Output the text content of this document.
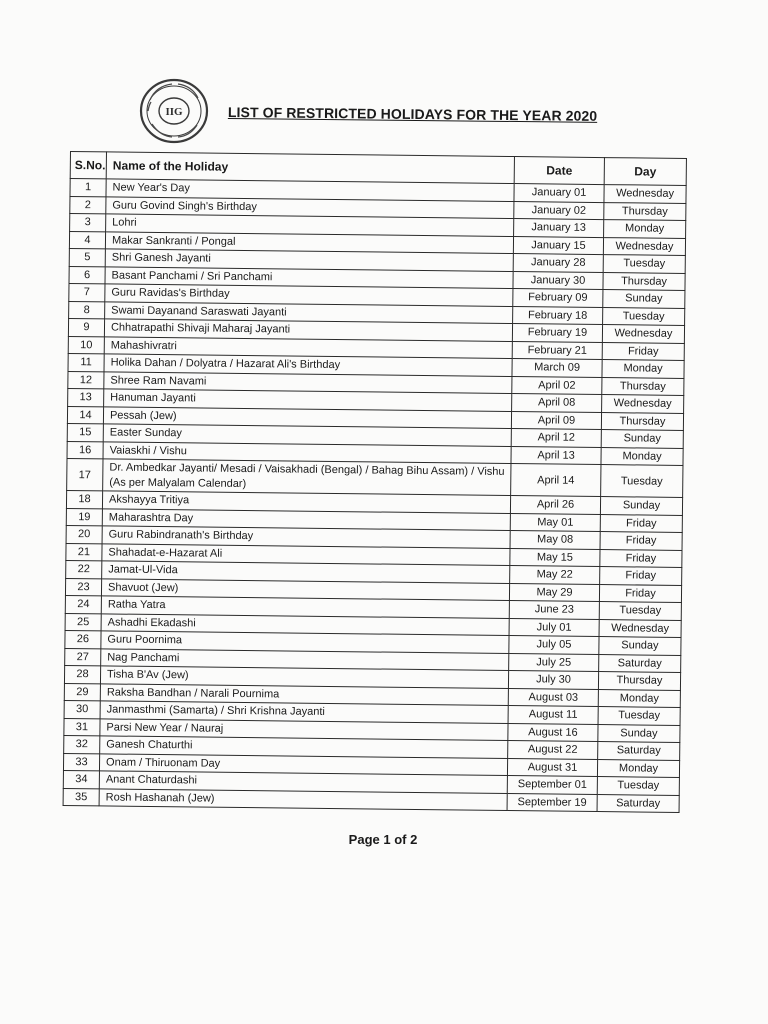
IIG	LIST OF RESTRICTED HOLIDAYS FOR THE YEAR 2020
S.No.	Name of the Holiday	Date	Day
1	New Year's Day	January 01	Wednesday
2	Guru Govind Singh's Birthday	January 02	Thursday
3	Lohri	January 13	Monday
4	Makar Sankranti / Pongal	January 15	Wednesday
5	Shri Ganesh Jayanti	January 28	Tuesday
6	Basant Panchami / Sri Panchami	January 30	Thursday
7	Guru Ravidas's Birthday	February 09	Sunday
8	Swami Dayanand Saraswati Jayanti	February 18	Tuesday
9	Chhatrapathi Shivaji Maharaj Jayanti	February 19	Wednesday
10	Mahashivratri	February 21	Friday
11	Holika Dahan / Dolyatra / Hazarat Ali's Birthday	March 09	Monday
12	Shree Ram Navami	April 02	Thursday
13	Hanuman Jayanti	April 08	Wednesday
14	Pessah (Jew)	April 09	Thursday
15	Easter Sunday	April 12	Sunday
16	Vaiaskhi / Vishu	April 13	Monday
17	Dr. Ambedkar Jayanti/ Mesadi / Vaisakhadi (Bengal) / Bahag Bihu Assam) / Vishu (As per Malyalam Calendar)	April 14	Tuesday
18	Akshayya Tritiya	April 26	Sunday
19	Maharashtra Day	May 01	Friday
20	Guru Rabindranath's Birthday	May 08	Friday
21	Shahadat-e-Hazarat Ali	May 15	Friday
22	Jamat-Ul-Vida	May 22	Friday
23	Shavuot (Jew)	May 29	Friday
24	Ratha Yatra	June 23	Tuesday
25	Ashadhi Ekadashi	July 01	Wednesday
26	Guru Poornima	July 05	Sunday
27	Nag Panchami	July 25	Saturday
28	Tisha B'Av (Jew)	July 30	Thursday
29	Raksha Bandhan / Narali Pournima	August 03	Monday
30	Janmasthmi (Samarta) / Shri Krishna Jayanti	August 11	Tuesday
31	Parsi New Year / Nauraj	August 16	Sunday
32	Ganesh Chaturthi	August 22	Saturday
33	Onam / Thiruonam Day	August 31	Monday
34	Anant Chaturdashi	September 01	Tuesday
35	Rosh Hashanah (Jew)	September 19	Saturday
Page 1 of 2
